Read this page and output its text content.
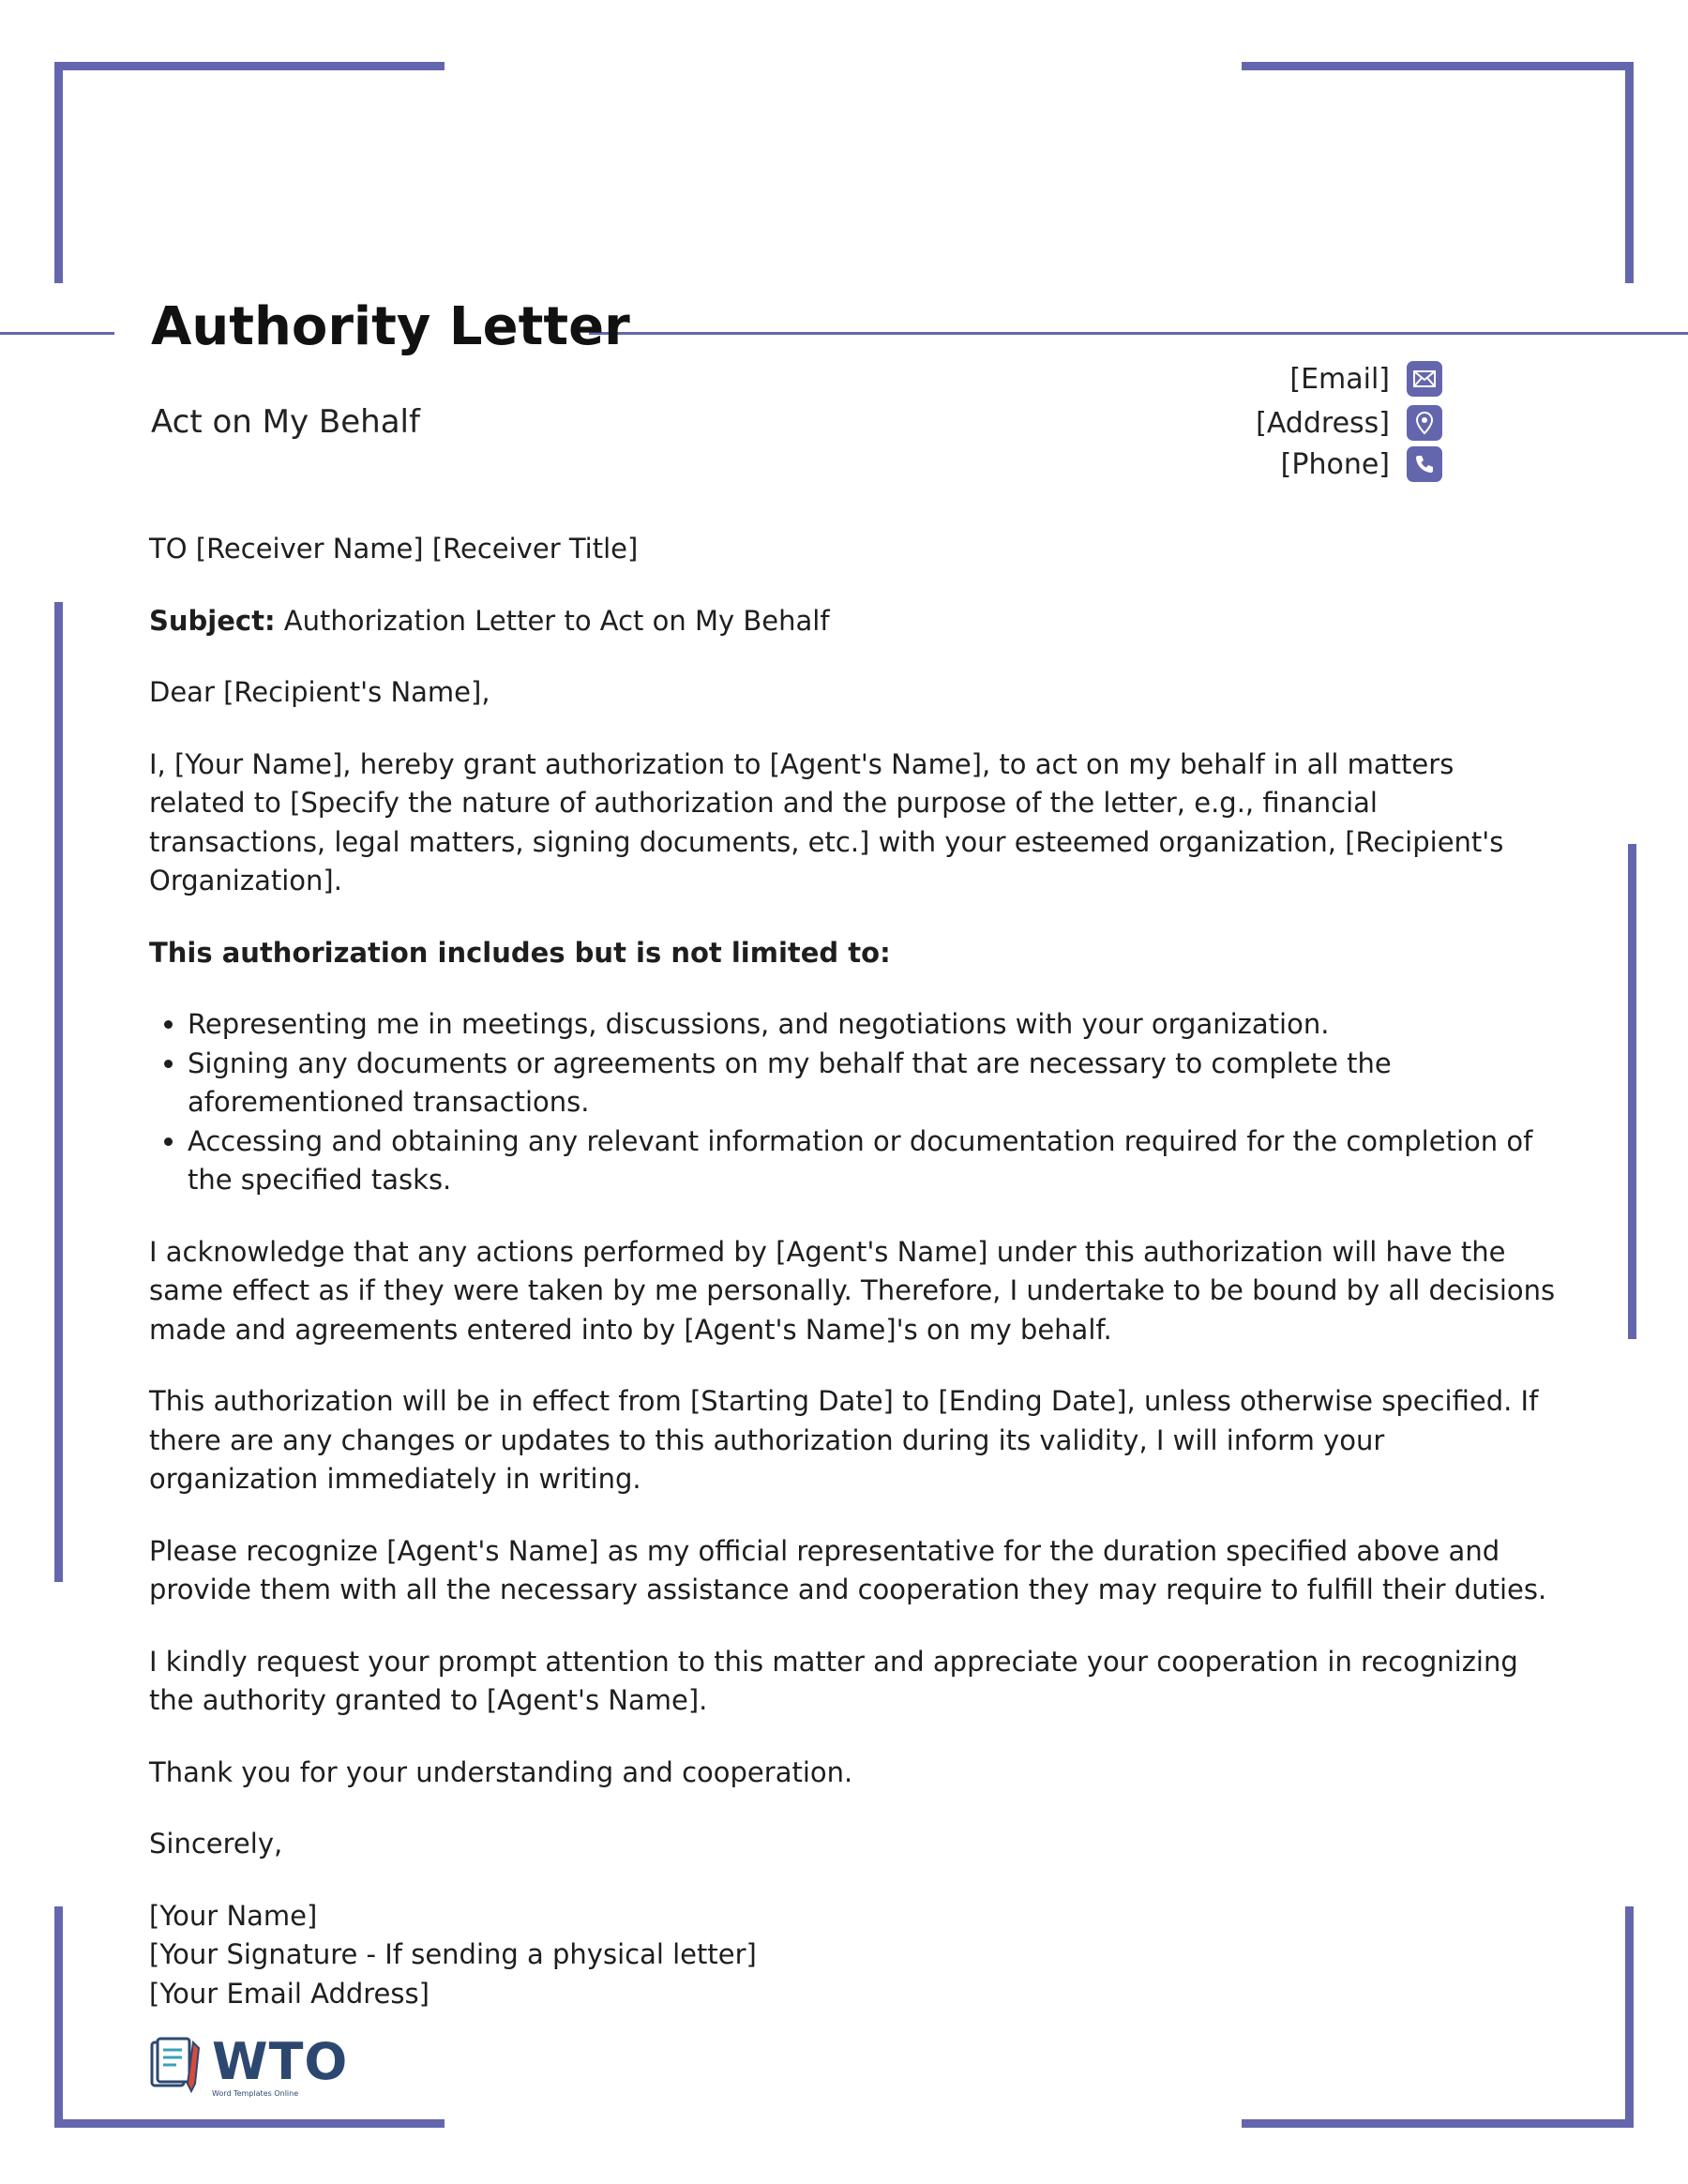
Authority Letter
Act on My Behalf
[Email]
[Address]
[Phone]

TO [Receiver Name] [Receiver Title]

Subject: Authorization Letter to Act on My Behalf

Dear [Recipient's Name],

I, [Your Name], hereby grant authorization to [Agent's Name], to act on my behalf in all matters related to [Specify the nature of authorization and the purpose of the letter, e.g., financial transactions, legal matters, signing documents, etc.] with your esteemed organization, [Recipient's Organization].

This authorization includes but is not limited to:

• Representing me in meetings, discussions, and negotiations with your organization.
• Signing any documents or agreements on my behalf that are necessary to complete the aforementioned transactions.
• Accessing and obtaining any relevant information or documentation required for the completion of the specified tasks.

I acknowledge that any actions performed by [Agent's Name] under this authorization will have the same effect as if they were taken by me personally. Therefore, I undertake to be bound by all decisions made and agreements entered into by [Agent's Name]'s on my behalf.

This authorization will be in effect from [Starting Date] to [Ending Date], unless otherwise specified. If there are any changes or updates to this authorization during its validity, I will inform your organization immediately in writing.

Please recognize [Agent's Name] as my official representative for the duration specified above and provide them with all the necessary assistance and cooperation they may require to fulfill their duties.

I kindly request your prompt attention to this matter and appreciate your cooperation in recognizing the authority granted to [Agent's Name].

Thank you for your understanding and cooperation.

Sincerely,

[Your Name]
[Your Signature - If sending a physical letter]
[Your Email Address]

WTO
Word Templates Online
